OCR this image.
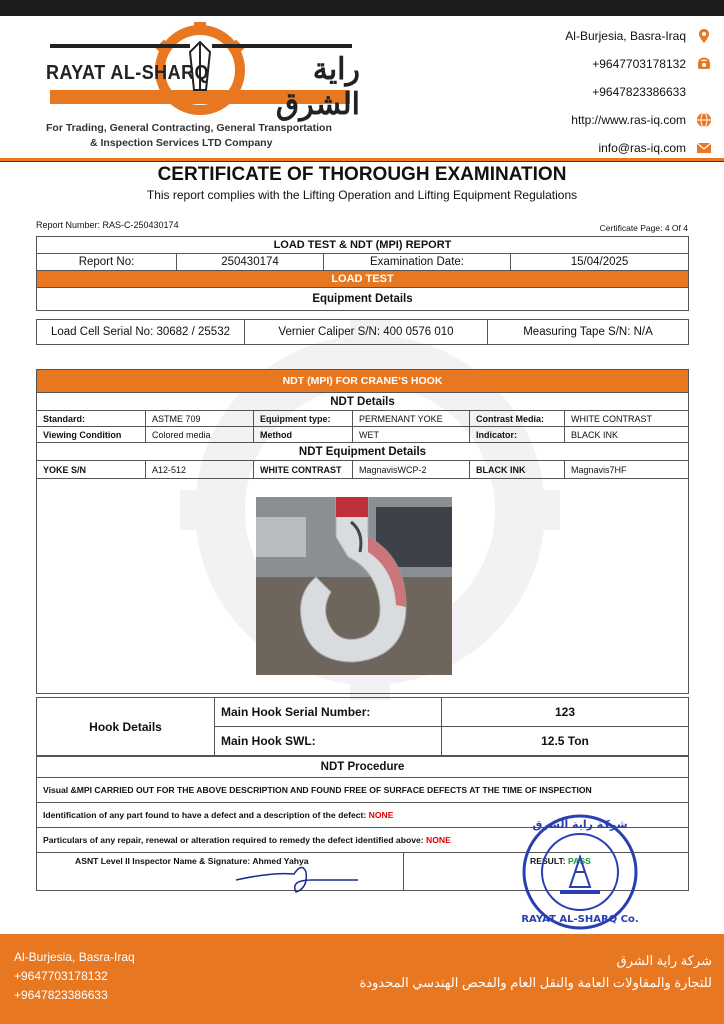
RAYAT AL-SHARQ	راية الشرق
For Trading, General Contracting, General Transportation
& Inspection Services LTD Company
Al-Burjesia, Basra-Iraq
+9647703178132
+9647823386633
http://www.ras-iq.com
info@ras-iq.com
CERTIFICATE OF THOROUGH EXAMINATION
This report complies with the Lifting Operation and Lifting Equipment Regulations
Report Number: RAS-C-250430174	Certificate Page: 4 Of 4
LOAD TEST & NDT (MPI) REPORT
Report No:	250430174	Examination Date:	15/04/2025
LOAD TEST
Equipment Details
Load Cell Serial No: 30682 / 25532	Vernier Caliper S/N: 400 0576 010	Measuring Tape S/N: N/A
NDT (MPI) FOR CRANE’S HOOK					
NDT Details					
Standard:	ASTME 709	Equipment type:	PERMENANT YOKE	Contrast Media:	WHITE CONTRAST
Viewing Condition	Colored media	Method	WET	Indicator:	BLACK INK
NDT Equipment Details					
YOKE S/N	A12-512	WHITE CONTRAST	MagnavisWCP-2	BLACK INK	Magnavis7HF

Hook Details	Main Hook Serial Number:	123
	Main Hook SWL:	12.5 Ton
NDT Procedure
Visual &MPI CARRIED OUT FOR THE ABOVE DESCRIPTION AND FOUND FREE OF SURFACE DEFECTS AT THE TIME OF INSPECTION
Identification of any part found to have a defect and a description of the defect: NONE
Particulars of any repair, renewal or alteration required to remedy the defect identified above: NONE
ASNT Level II Inspector Name & Signature: Ahmed Yahya	RESULT: PASS
شركة راية الشرق
RAYAT AL-SHARQ Co.
Al-Burjesia, Basra-Iraq
+9647703178132
+9647823386633
شركة راية الشرق
للتجارة والمقاولات العامة والنقل العام والفحص الهندسي المحدودة
